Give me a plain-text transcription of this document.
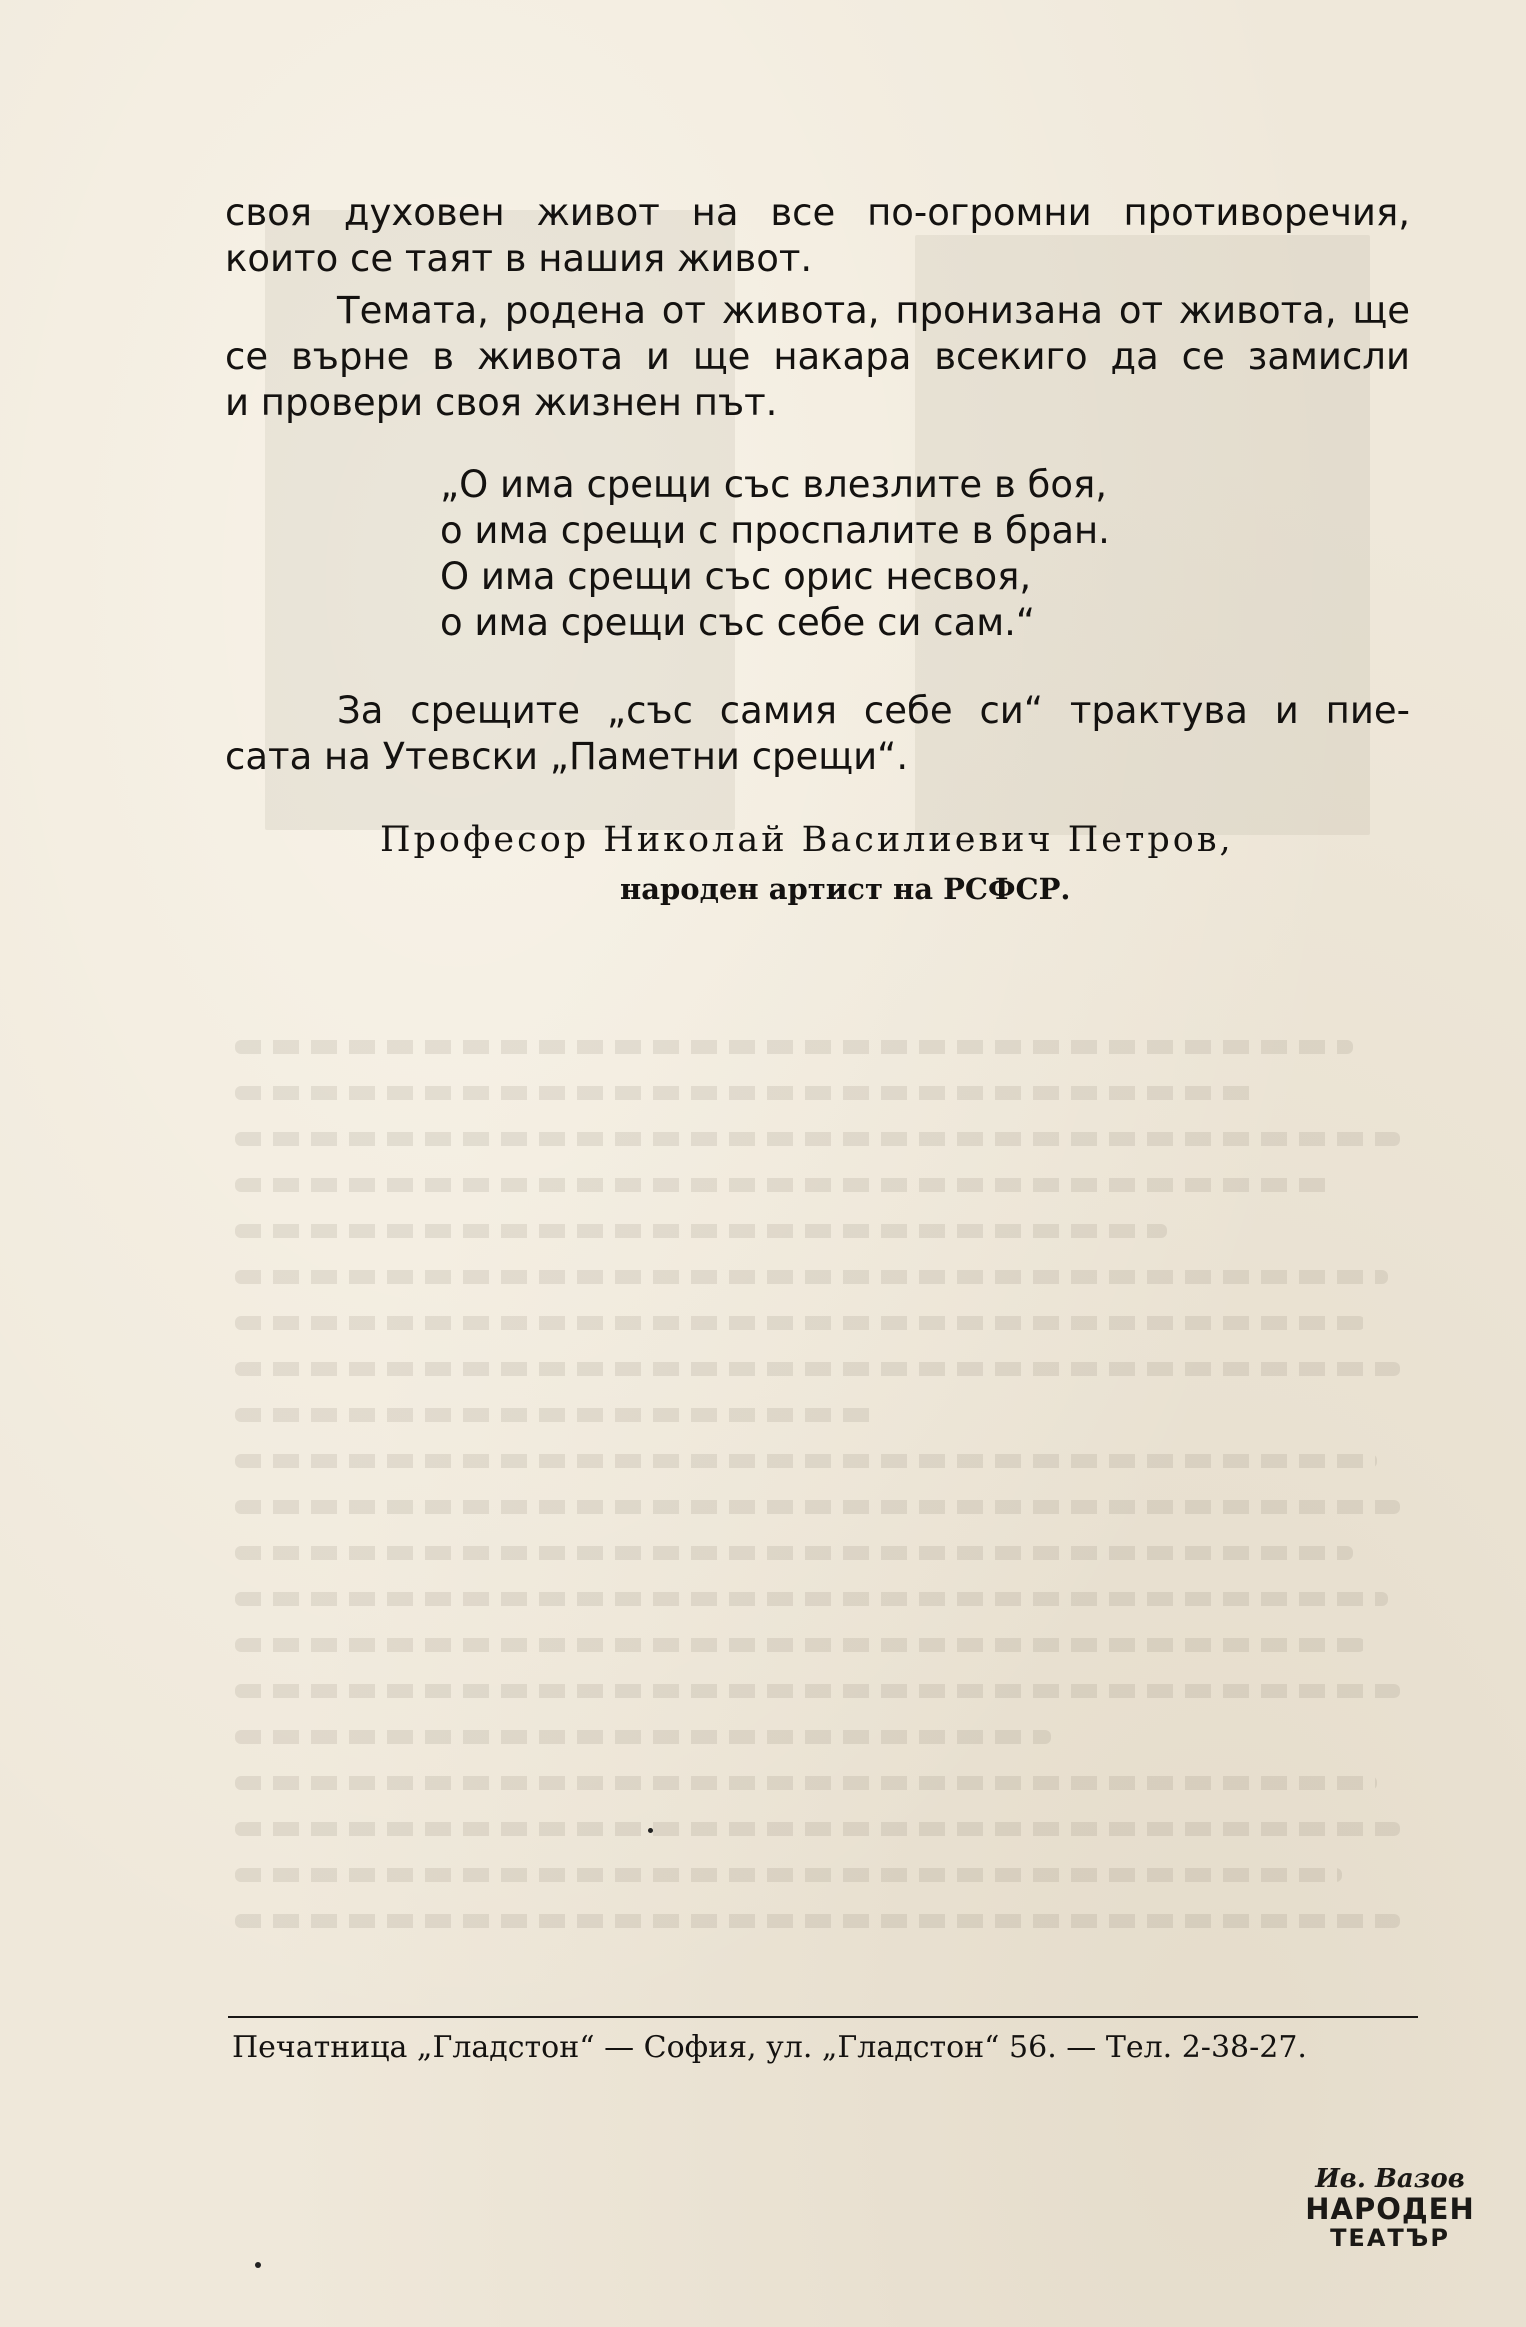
своя духовен живот на все по-огромни противоречия,
които се таят в нашия живот.
Темата, родена от живота, пронизана от живота, ще
се върне в живота и ще накара всекиго да се замисли
и провери своя жизнен път.
„О има срещи със влезлите в боя,
о има срещи с проспалите в бран.
О има срещи със орис несвоя,
о има срещи със себе си сам.“
За срещите „със самия себе си“ трактува и пие-
сата на Утевски „Паметни срещи“.
Професор Николай Василиевич Петров,
народен артист на РСФСР.
Печатница „Гладстон“ — София, ул. „Гладстон“ 56. — Тел. 2-38-27.
Ив. Вазов
НАРОДЕН
ТЕАТЪР
